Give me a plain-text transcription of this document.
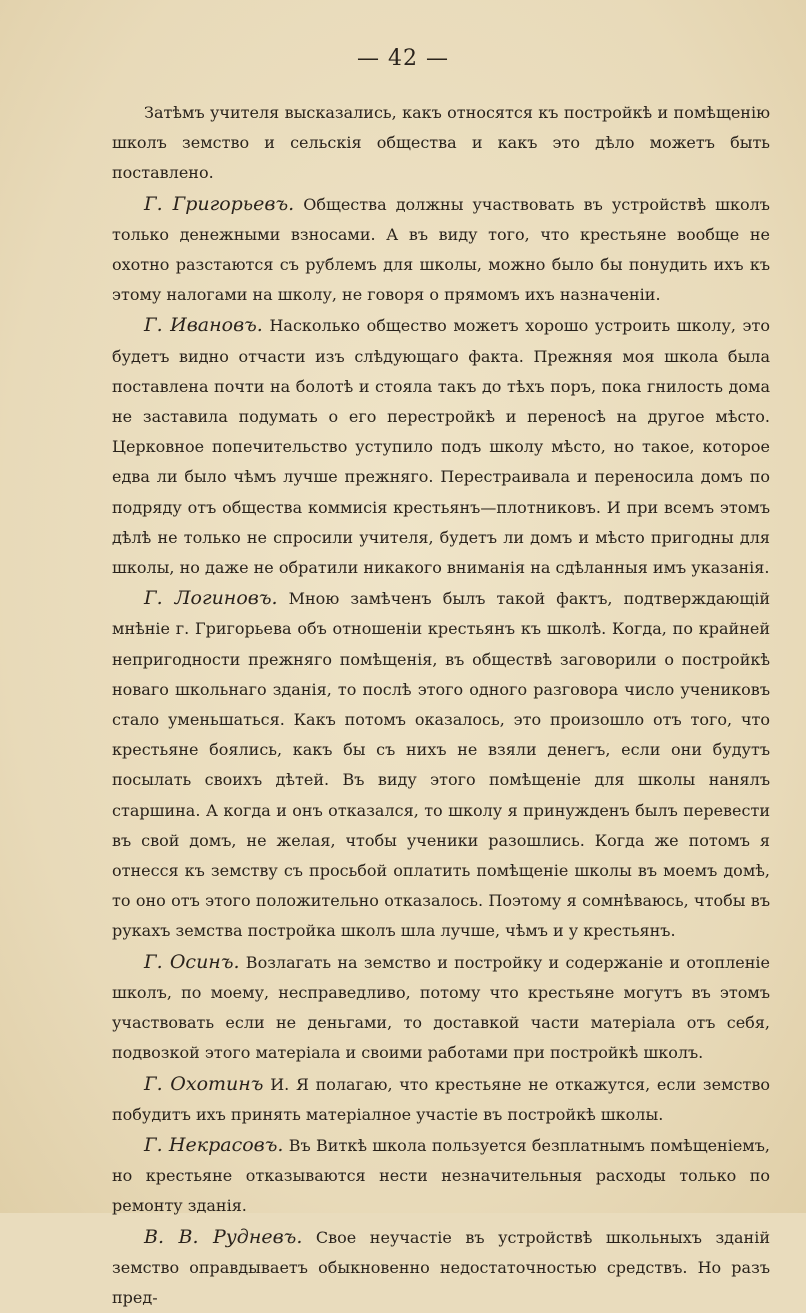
— 42 —

Затѣмъ учителя высказались, какъ относятся къ постройкѣ и помѣщенію школъ земство и сельскія общества и какъ это дѣло можетъ быть поставлено.

Г. Григорьевъ. Общества должны участвовать въ устройствѣ школъ только денежными взносами. А въ виду того, что крестьяне вообще не охотно разстаются съ рублемъ для школы, можно было бы понудить ихъ къ этому налогами на школу, не говоря о прямомъ ихъ назначеніи.

Г. Ивановъ. Насколько общество можетъ хорошо устроить школу, это будетъ видно отчасти изъ слѣдующаго факта. Прежняя моя школа была поставлена почти на болотѣ и стояла такъ до тѣхъ поръ, пока гнилость дома не заставила подумать о его перестройкѣ и переносѣ на другое мѣсто. Церковное попечительство уступило подъ школу мѣсто, но такое, которое едва ли было чѣмъ лучше прежняго. Перестраивала и переносила домъ по подряду отъ общества коммисія крестьянъ—плотниковъ. И при всемъ этомъ дѣлѣ не только не спросили учителя, будетъ ли домъ и мѣсто пригодны для школы, но даже не обратили никакого вниманія на сдѣланныя имъ указанія.

Г. Логиновъ. Мною замѣченъ былъ такой фактъ, подтверждающій мнѣніе г. Григорьева объ отношеніи крестьянъ къ школѣ. Когда, по крайней непригодности прежняго помѣщенія, въ обществѣ заговорили о постройкѣ новаго школьнаго зданія, то послѣ этого одного разговора число учениковъ стало уменьшаться. Какъ потомъ оказалось, это произошло отъ того, что крестьяне боялись, какъ бы съ нихъ не взяли денегъ, если они будутъ посылать своихъ дѣтей. Въ виду этого помѣщеніе для школы нанялъ старшина. А когда и онъ отказался, то школу я принужденъ былъ перевести въ свой домъ, не желая, чтобы ученики разошлись. Когда же потомъ я отнесся къ земству съ просьбой оплатить помѣщеніе школы въ моемъ домѣ, то оно отъ этого положительно отказалось. Поэтому я сомнѣваюсь, чтобы въ рукахъ земства постройка школъ шла лучше, чѣмъ и у крестьянъ.

Г. Осинъ. Возлагать на земство и постройку и содержаніе и отопленіе школъ, по моему, несправедливо, потому что крестьяне могутъ въ этомъ участвовать если не деньгами, то доставкой части матеріала отъ себя, подвозкой этого матеріала и своими работами при постройкѣ школъ.

Г. Охотинъ И. Я полагаю, что крестьяне не откажутся, если земство побудитъ ихъ принять матеріалное участіе въ постройкѣ школы.

Г. Некрасовъ. Въ Виткѣ школа пользуется безплатнымъ помѣщеніемъ, но крестьяне отказываются нести незначительныя расходы только по ремонту зданія.

В. В. Рудневъ. Свое неучастіе въ устройствѣ школьныхъ зданій земство оправдываетъ обыкновенно недостаточностью средствъ. Но разъ пред-
